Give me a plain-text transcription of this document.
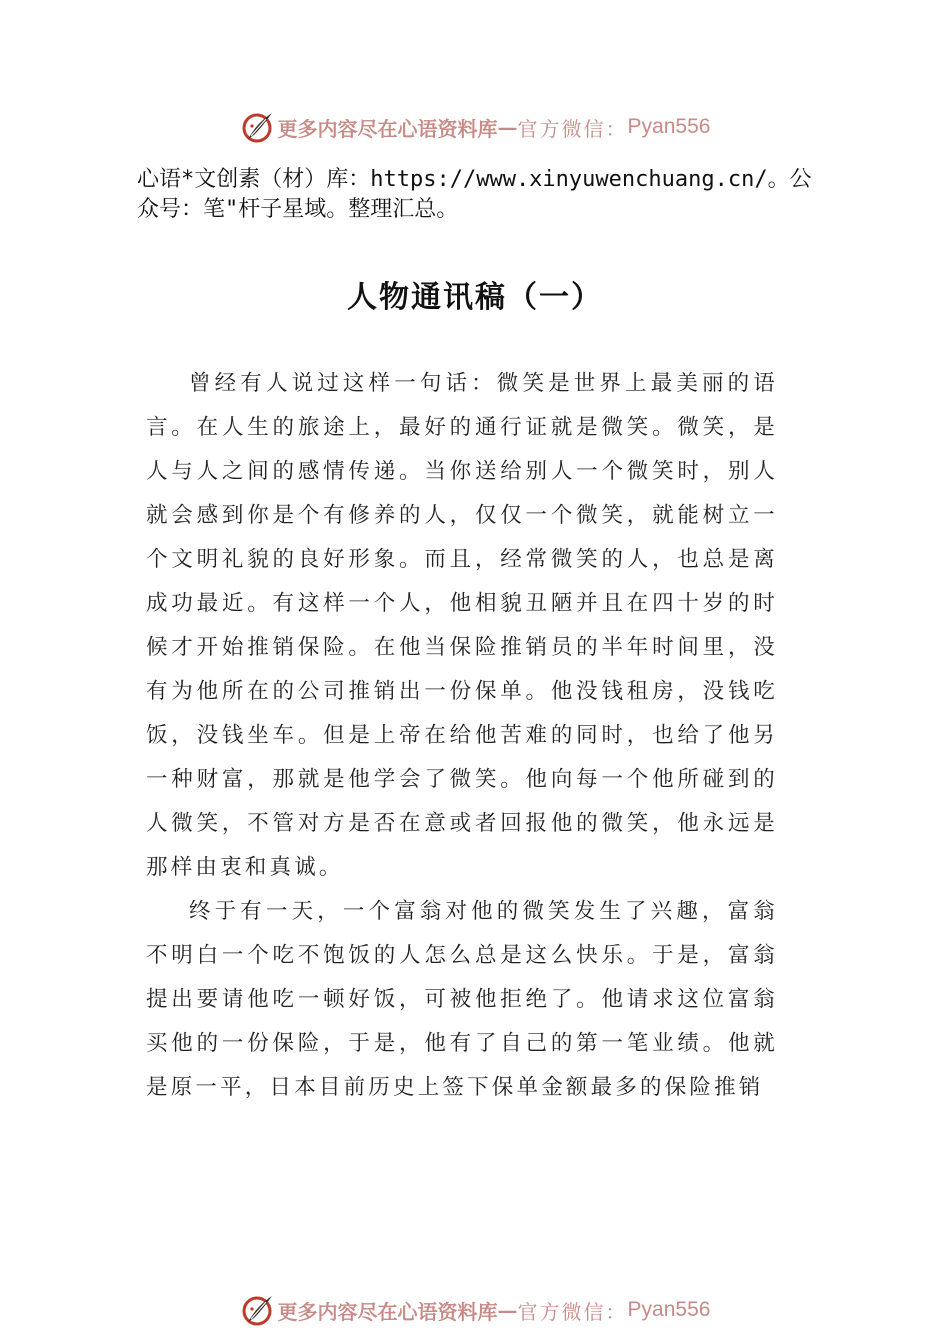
更多内容尽在心语资料库 — 官方微信： Pyan556

心语*文创素（材）库：https://www.xinyuwenchuang.cn/。公众号：笔"杆子星域。整理汇总。

人物通讯稿（一）

曾经有人说过这样一句话：微笑是世界上最美丽的语言。在人生的旅途上，最好的通行证就是微笑。微笑，是人与人之间的感情传递。当你送给别人一个微笑时，别人就会感到你是个有修养的人，仅仅一个微笑，就能树立一个文明礼貌的良好形象。而且，经常微笑的人，也总是离成功最近。有这样一个人，他相貌丑陋并且在四十岁的时候才开始推销保险。在他当保险推销员的半年时间里，没有为他所在的公司推销出一份保单。他没钱租房，没钱吃饭，没钱坐车。但是上帝在给他苦难的同时，也给了他另一种财富，那就是他学会了微笑。他向每一个他所碰到的人微笑，不管对方是否在意或者回报他的微笑，他永远是那样由衷和真诚。

终于有一天，一个富翁对他的微笑发生了兴趣，富翁不明白一个吃不饱饭的人怎么总是这么快乐。于是，富翁提出要请他吃一顿好饭，可被他拒绝了。他请求这位富翁买他的一份保险，于是，他有了自己的第一笔业绩。他就是原一平，日本目前历史上签下保单金额最多的保险推销

更多内容尽在心语资料库 — 官方微信： Pyan556
